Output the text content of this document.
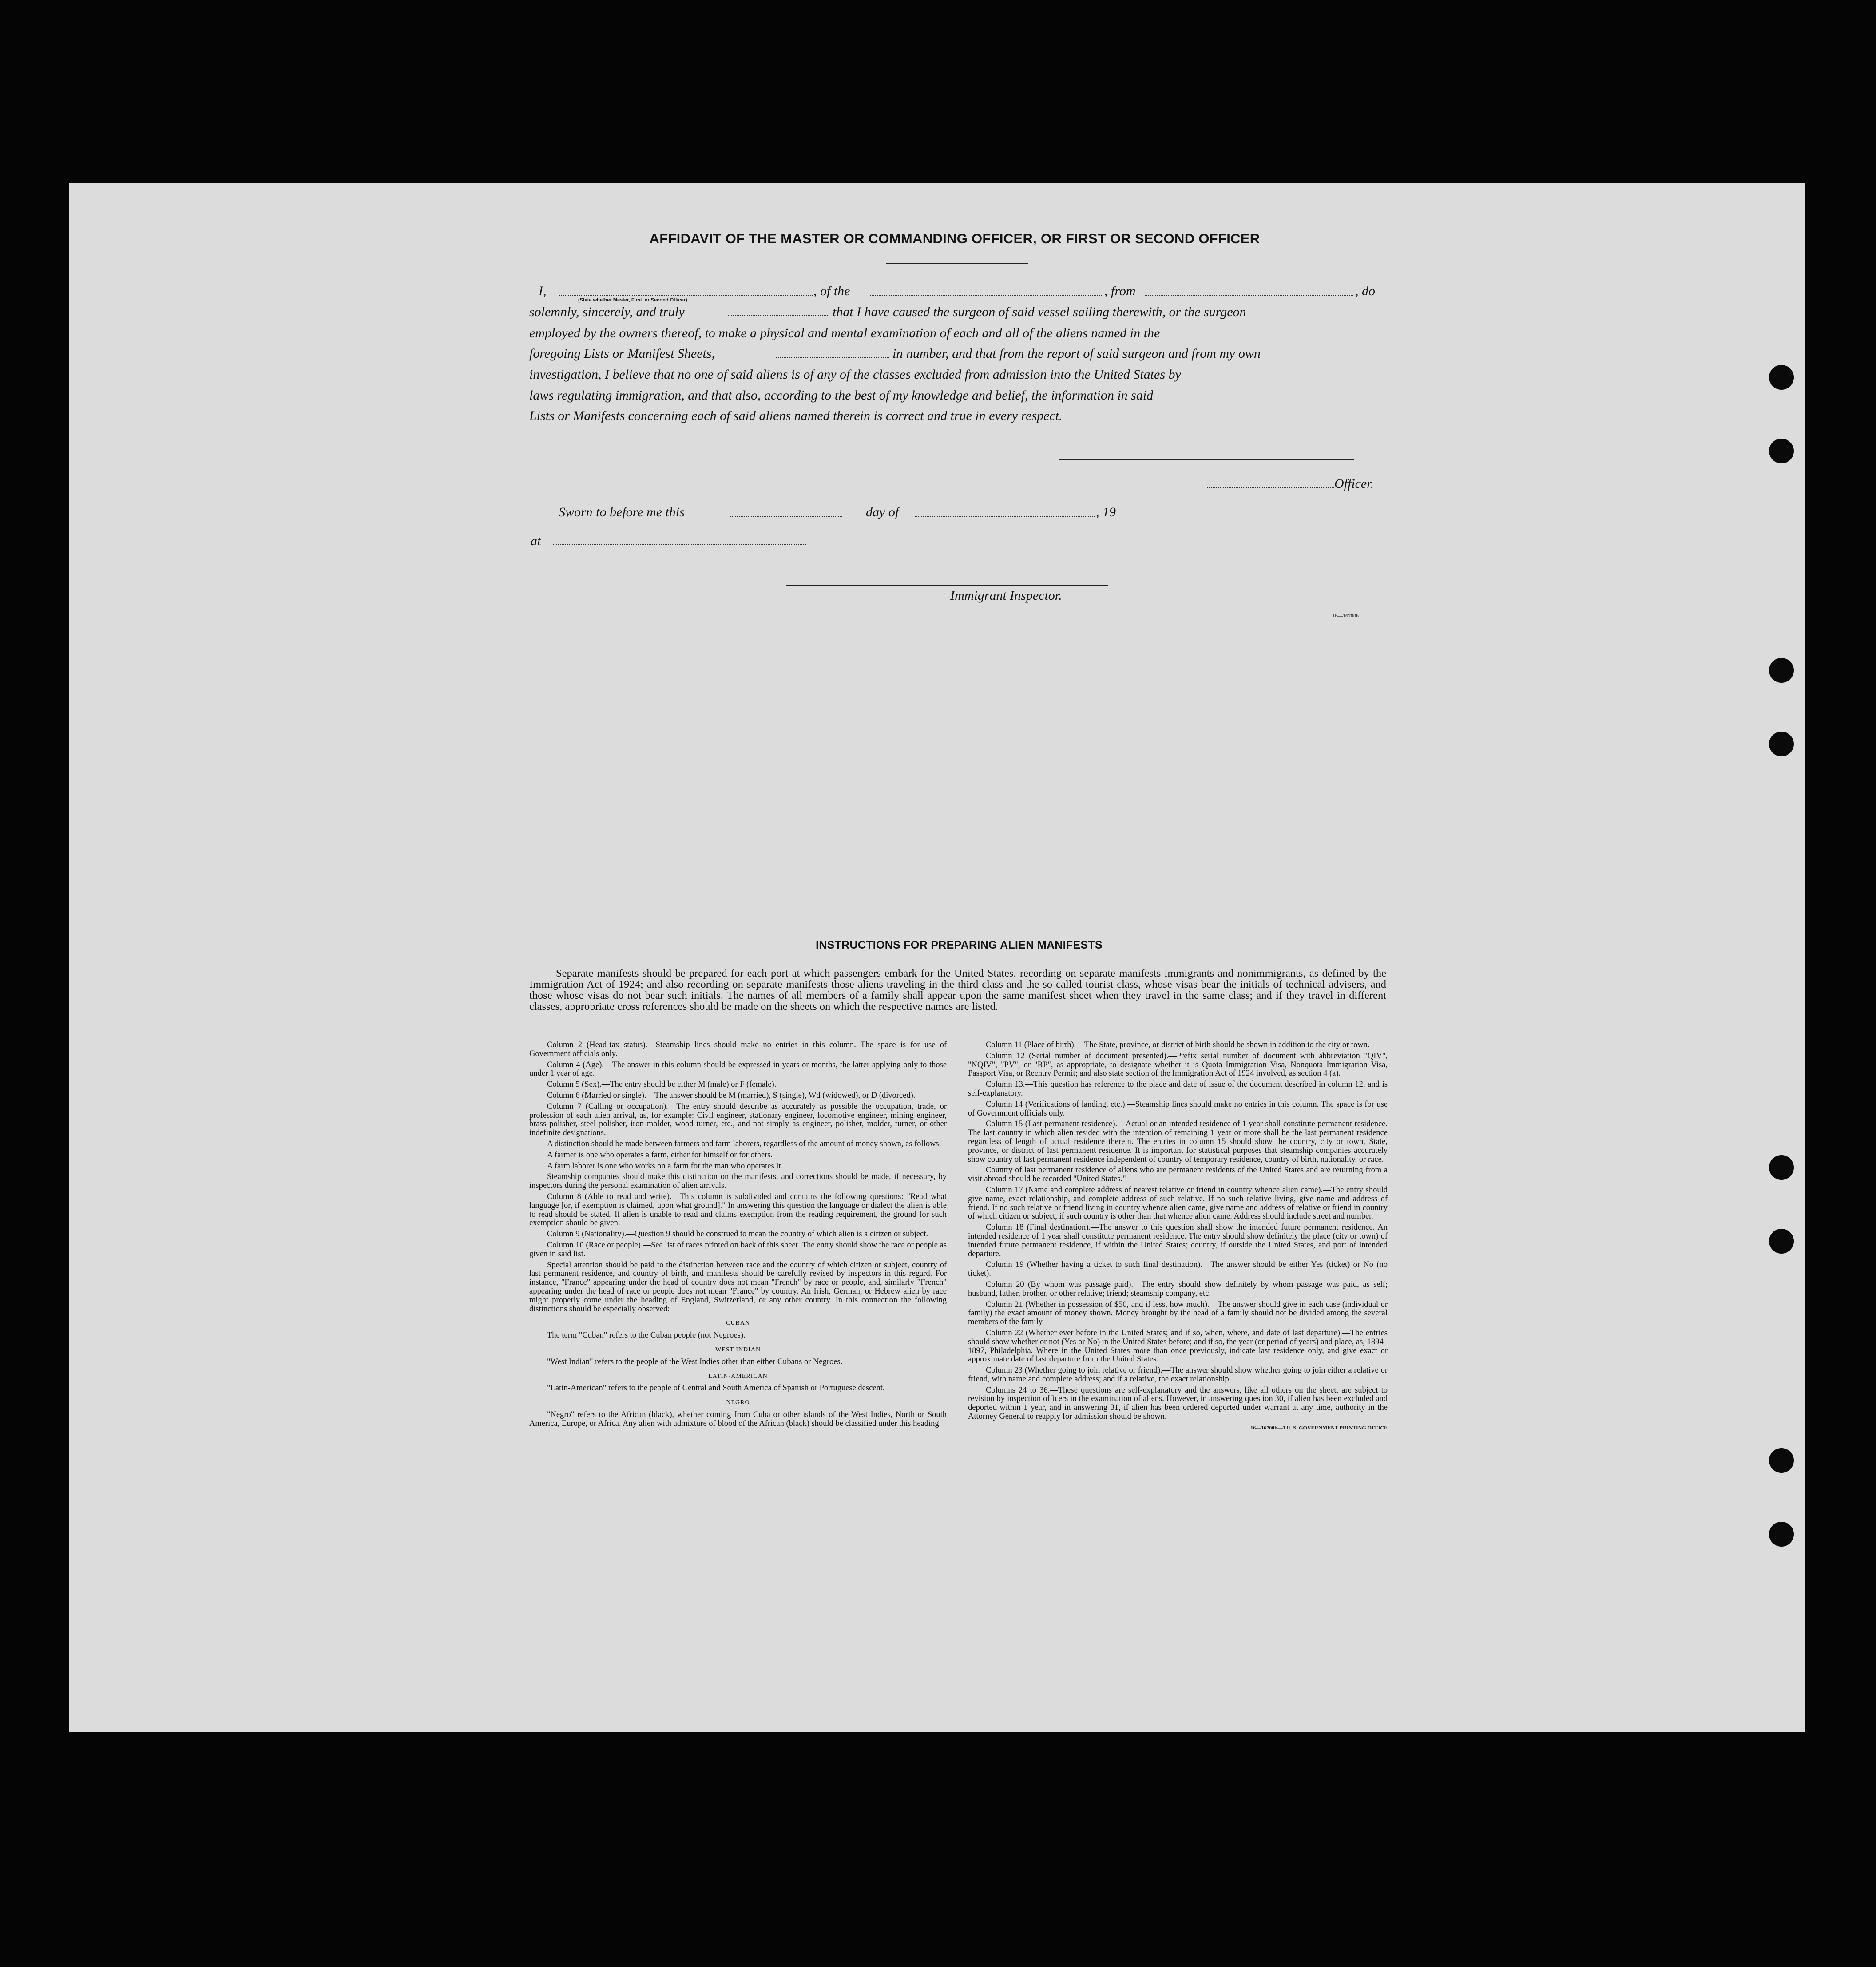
AFFIDAVIT OF THE MASTER OR COMMANDING OFFICER, OR FIRST OR SECOND OFFICER
I,	, of the	, from	, do
(State whether Master, First, or Second Officer)
solemnly, sincerely, and truly	that I have caused the surgeon of said vessel sailing therewith, or the surgeon
employed by the owners thereof, to make a physical and mental examination of each and all of the aliens named in the
foregoing Lists or Manifest Sheets,	in number, and that from the report of said surgeon and from my own
investigation, I believe that no one of said aliens is of any of the classes excluded from admission into the United States by
laws regulating immigration, and that also, according to the best of my knowledge and belief, the information in said
Lists or Manifests concerning each of said aliens named therein is correct and true in every respect.
Officer.
Sworn to before me this	day of	, 19
at
Immigrant Inspector.
16—16700b
INSTRUCTIONS FOR PREPARING ALIEN MANIFESTS
Separate manifests should be prepared for each port at which passengers embark for the United States, recording on separate manifests immigrants and nonimmigrants, as defined by the Immigration Act of 1924; and also recording on separate manifests those aliens traveling in the third class and the so-called tourist class, whose visas bear the initials of technical advisers, and those whose visas do not bear such initials. The names of all members of a family shall appear upon the same manifest sheet when they travel in the same class; and if they travel in different classes, appropriate cross references should be made on the sheets on which the respective names are listed.

Column 2 (Head-tax status).—Steamship lines should make no entries in this column. The space is for use of Government officials only.

Column 4 (Age).—The answer in this column should be expressed in years or months, the latter applying only to those under 1 year of age.

Column 5 (Sex).—The entry should be either M (male) or F (female).

Column 6 (Married or single).—The answer should be M (married), S (single), Wd (widowed), or D (divorced).

Column 7 (Calling or occupation).—The entry should describe as accurately as possible the occupation, trade, or profession of each alien arrival, as, for example: Civil engineer, stationary engineer, locomotive engineer, mining engineer, brass polisher, steel polisher, iron molder, wood turner, etc., and not simply as engineer, polisher, molder, turner, or other indefinite designations.

A distinction should be made between farmers and farm laborers, regardless of the amount of money shown, as follows:

A farmer is one who operates a farm, either for himself or for others.

A farm laborer is one who works on a farm for the man who operates it.

Steamship companies should make this distinction on the manifests, and corrections should be made, if necessary, by inspectors during the personal examination of alien arrivals.

Column 8 (Able to read and write).—This column is subdivided and contains the following questions: "Read what language [or, if exemption is claimed, upon what ground]." In answering this question the language or dialect the alien is able to read should be stated. If alien is unable to read and claims exemption from the reading requirement, the ground for such exemption should be given.

Column 9 (Nationality).—Question 9 should be construed to mean the country of which alien is a citizen or subject.

Column 10 (Race or people).—See list of races printed on back of this sheet. The entry should show the race or people as given in said list.

Special attention should be paid to the distinction between race and the country of which citizen or subject, country of last permanent residence, and country of birth, and manifests should be carefully revised by inspectors in this regard. For instance, "France" appearing under the head of country does not mean "French" by race or people, and, similarly "French" appearing under the head of race or people does not mean "France" by country. An Irish, German, or Hebrew alien by race might properly come under the heading of England, Switzerland, or any other country. In this connection the following distinctions should be especially observed:

CUBAN

The term "Cuban" refers to the Cuban people (not Negroes).

WEST INDIAN

"West Indian" refers to the people of the West Indies other than either Cubans or Negroes.

LATIN-AMERICAN

"Latin-American" refers to the people of Central and South America of Spanish or Portuguese descent.

NEGRO

"Negro" refers to the African (black), whether coming from Cuba or other islands of the West Indies, North or South America, Europe, or Africa. Any alien with admixture of blood of the African (black) should be classified under this heading.

Column 11 (Place of birth).—The State, province, or district of birth should be shown in addition to the city or town.

Column 12 (Serial number of document presented).—Prefix serial number of document with abbreviation "QIV", "NQIV", "PV", or "RP", as appropriate, to designate whether it is Quota Immigration Visa, Nonquota Immigration Visa, Passport Visa, or Reentry Permit; and also state section of the Immigration Act of 1924 involved, as section 4 (a).

Column 13.—This question has reference to the place and date of issue of the document described in column 12, and is self-explanatory.

Column 14 (Verifications of landing, etc.).—Steamship lines should make no entries in this column. The space is for use of Government officials only.

Column 15 (Last permanent residence).—Actual or an intended residence of 1 year shall constitute permanent residence. The last country in which alien resided with the intention of remaining 1 year or more shall be the last permanent residence regardless of length of actual residence therein. The entries in column 15 should show the country, city or town, State, province, or district of last permanent residence. It is important for statistical purposes that steamship companies accurately show country of last permanent residence independent of country of temporary residence, country of birth, nationality, or race.

Country of last permanent residence of aliens who are permanent residents of the United States and are returning from a visit abroad should be recorded "United States."

Column 17 (Name and complete address of nearest relative or friend in country whence alien came).—The entry should give name, exact relationship, and complete address of such relative. If no such relative living, give name and address of friend. If no such relative or friend living in country whence alien came, give name and address of relative or friend in country of which citizen or subject, if such country is other than that whence alien came. Address should include street and number.

Column 18 (Final destination).—The answer to this question shall show the intended future permanent residence. An intended residence of 1 year shall constitute permanent residence. The entry should show definitely the place (city or town) of intended future permanent residence, if within the United States; country, if outside the United States, and port of intended departure.

Column 19 (Whether having a ticket to such final destination).—The answer should be either Yes (ticket) or No (no ticket).

Column 20 (By whom was passage paid).—The entry should show definitely by whom passage was paid, as self; husband, father, brother, or other relative; friend; steamship company, etc.

Column 21 (Whether in possession of $50, and if less, how much).—The answer should give in each case (individual or family) the exact amount of money shown. Money brought by the head of a family should not be divided among the several members of the family.

Column 22 (Whether ever before in the United States; and if so, when, where, and date of last departure).—The entries should show whether or not (Yes or No) in the United States before; and if so, the year (or period of years) and place, as, 1894–1897, Philadelphia. Where in the United States more than once previously, indicate last residence only, and give exact or approximate date of last departure from the United States.

Column 23 (Whether going to join relative or friend).—The answer should show whether going to join either a relative or friend, with name and complete address; and if a relative, the exact relationship.

Columns 24 to 36.—These questions are self-explanatory and the answers, like all others on the sheet, are subject to revision by inspection officers in the examination of aliens. However, in answering question 30, if alien has been excluded and deported within 1 year, and in answering 31, if alien has been ordered deported under warrant at any time, authority in the Attorney General to reapply for admission should be shown.

16—16700b—1 U. S. GOVERNMENT PRINTING OFFICE
